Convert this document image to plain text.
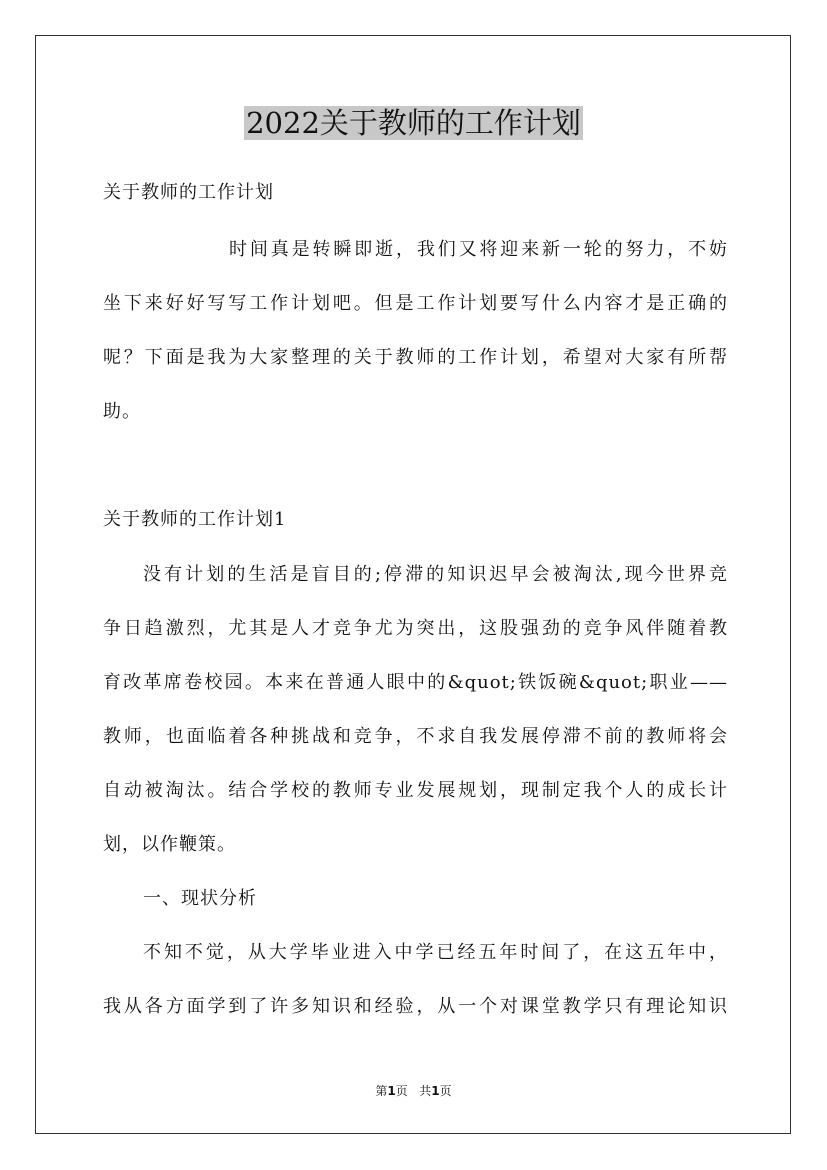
2022关于教师的工作计划
关于教师的工作计划
时间真是转瞬即逝，我们又将迎来新一轮的努力，不妨
坐下来好好写写工作计划吧。但是工作计划要写什么内容才是正确的
呢？下面是我为大家整理的关于教师的工作计划，希望对大家有所帮
助。
关于教师的工作计划1
没有计划的生活是盲目的;停滞的知识迟早会被淘汰,现今世界竞
争日趋激烈，尤其是人才竞争尤为突出，这股强劲的竞争风伴随着教
育改革席卷校园。本来在普通人眼中的&quot;铁饭碗&quot;职业——
教师，也面临着各种挑战和竞争，不求自我发展停滞不前的教师将会
自动被淘汰。结合学校的教师专业发展规划，现制定我个人的成长计
划，以作鞭策。
一、现状分析
不知不觉，从大学毕业进入中学已经五年时间了，在这五年中，
我从各方面学到了许多知识和经验，从一个对课堂教学只有理论知识
第1页 共1页
